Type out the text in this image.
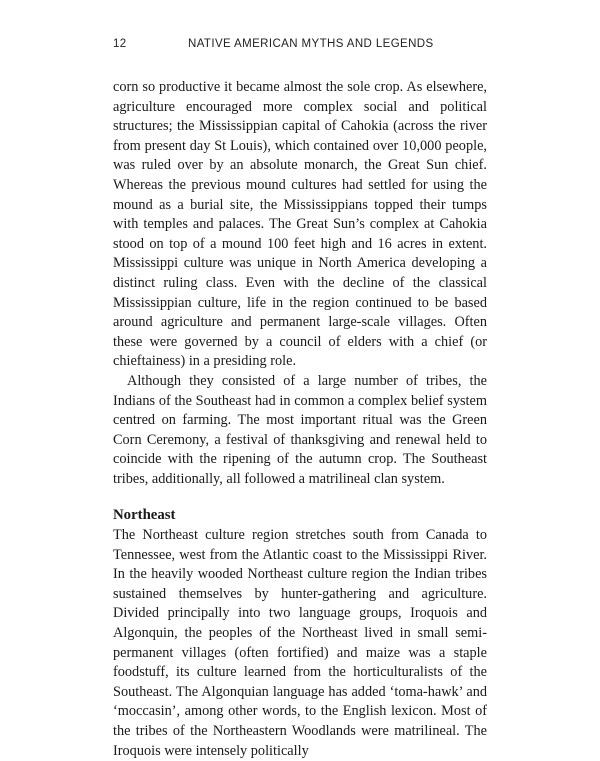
12	NATIVE AMERICAN MYTHS AND LEGENDS

corn so productive it became almost the sole crop. As elsewhere, agriculture encouraged more complex social and political structures; the Mississippian capital of Cahokia (across the river from present day St Louis), which contained over 10,000 people, was ruled over by an absolute monarch, the Great Sun chief. Whereas the previous mound cultures had settled for using the mound as a burial site, the Mississippians topped their tumps with temples and palaces. The Great Sun’s complex at Cahokia stood on top of a mound 100 feet high and 16 acres in extent. Mississippi culture was unique in North America developing a distinct ruling class. Even with the decline of the classical Mississippian culture, life in the region continued to be based around agriculture and permanent large-scale villages. Often these were governed by a council of elders with a chief (or chieftainess) in a presiding role.

Although they consisted of a large number of tribes, the Indians of the Southeast had in common a complex belief system centred on farming. The most important ritual was the Green Corn Ceremony, a festival of thanksgiving and renewal held to coincide with the ripening of the autumn crop. The Southeast tribes, additionally, all followed a matrilineal clan system.

Northeast

The Northeast culture region stretches south from Canada to Tennessee, west from the Atlantic coast to the Mississippi River. In the heavily wooded Northeast culture region the Indian tribes sustained themselves by hunter-gathering and agriculture. Divided principally into two language groups, Iroquois and Algonquin, the peoples of the Northeast lived in small semi-permanent villages (often fortified) and maize was a staple foodstuff, its culture learned from the horticulturalists of the Southeast. The Algonquian language has added ‘toma-hawk’ and ‘moccasin’, among other words, to the English lexicon. Most of the tribes of the Northeastern Woodlands were matrilineal. The Iroquois were intensely politically
